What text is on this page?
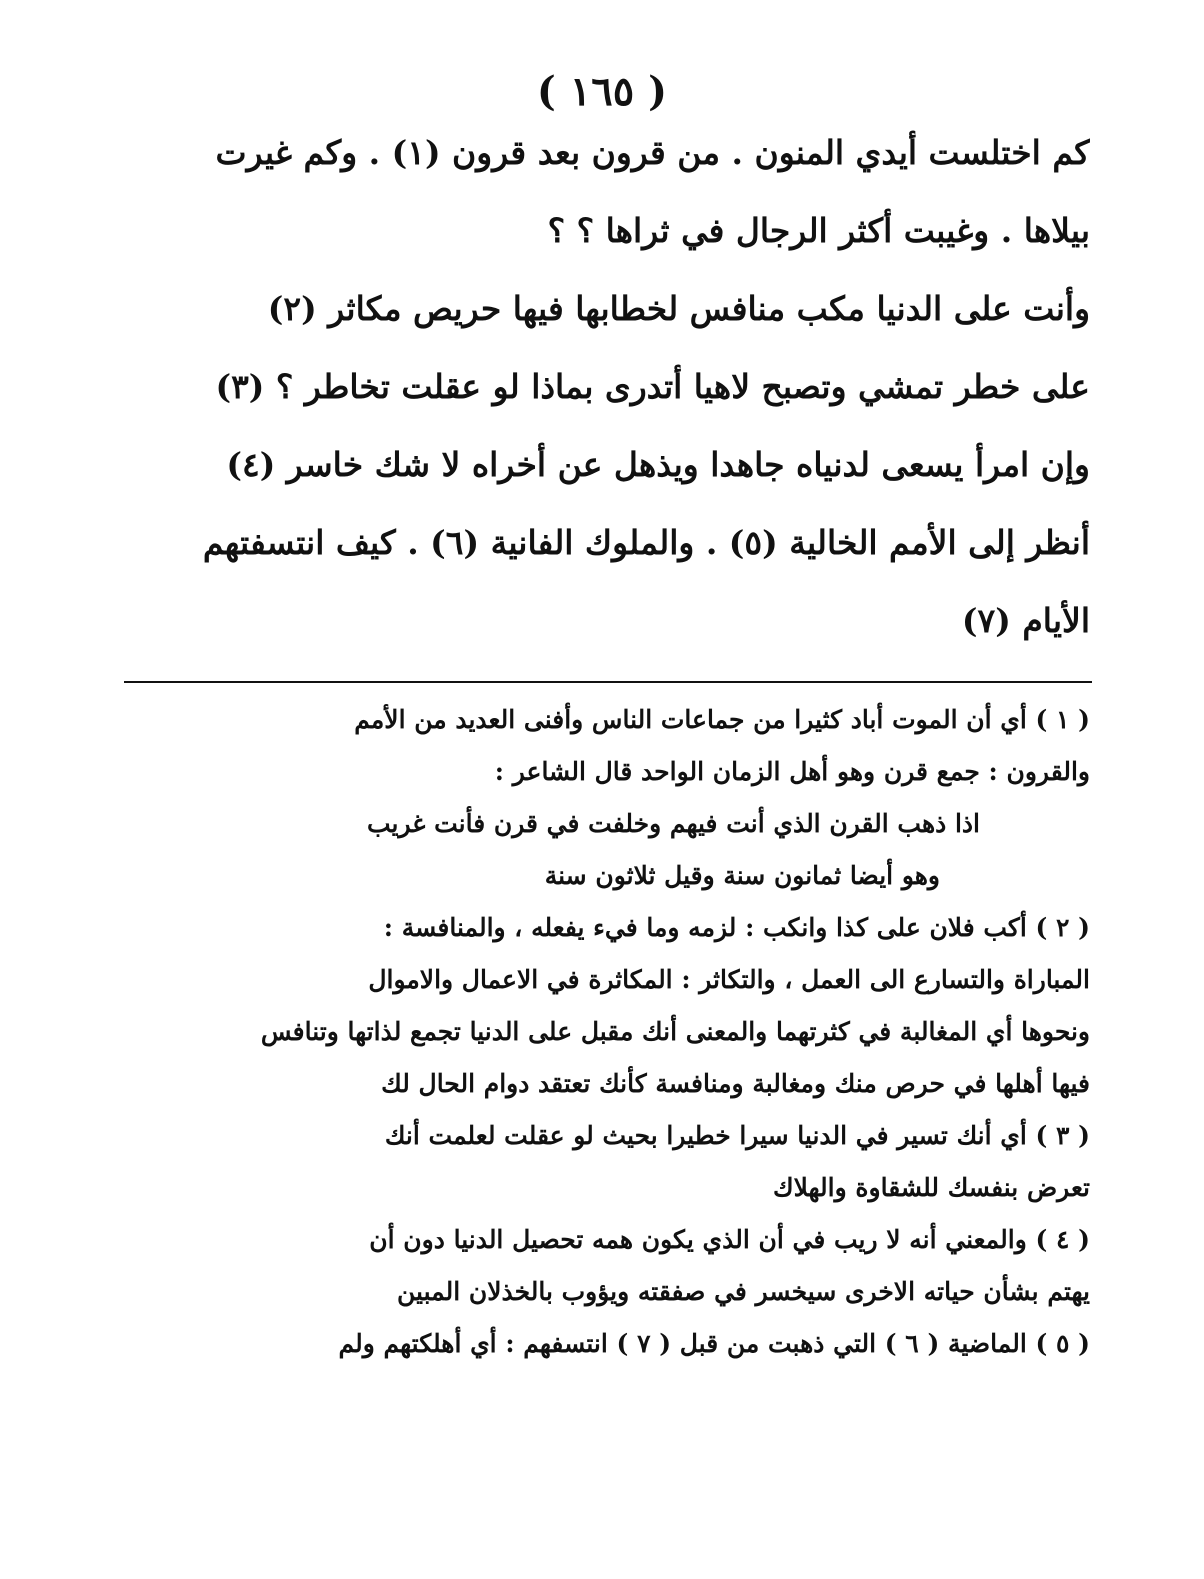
( ١٦٥ )
كم اختلست أيدي المنون . من قرون بعد قرون (١) . وكم غيرت
بيلاها . وغيبت أكثر الرجال في ثراها ؟ ؟
وأنت على الدنيا مكب منافس لخطابها فيها حريص مكاثر (٢)
على خطر تمشي وتصبح لاهيا أتدرى بماذا لو عقلت تخاطر ؟ (٣)
وإن امرأ يسعى لدنياه جاهدا ويذهل عن أخراه لا شك خاسر (٤)
أنظر إلى الأمم الخالية (٥) . والملوك الفانية (٦) . كيف انتسفتهم
الأيام (٧)
( ١ ) أي أن الموت أباد كثيرا من جماعات الناس وأفنى العديد من الأمم
والقرون : جمع قرن وهو أهل الزمان الواحد قال الشاعر :
اذا ذهب القرن الذي أنت فيهم وخلفت في قرن فأنت غريب
وهو أيضا ثمانون سنة وقيل ثلاثون سنة
( ٢ ) أكب فلان على كذا وانكب : لزمه وما فيء يفعله ، والمنافسة :
المباراة والتسارع الى العمل ، والتكاثر : المكاثرة في الاعمال والاموال
ونحوها أي المغالبة في كثرتهما والمعنى أنك مقبل على الدنيا تجمع لذاتها وتنافس
فيها أهلها في حرص منك ومغالبة ومنافسة كأنك تعتقد دوام الحال لك
( ٣ ) أي أنك تسير في الدنيا سيرا خطيرا بحيث لو عقلت لعلمت أنك
تعرض بنفسك للشقاوة والهلاك
( ٤ ) والمعني أنه لا ريب في أن الذي يكون همه تحصيل الدنيا دون أن
يهتم بشأن حياته الاخرى سيخسر في صفقته ويؤوب بالخذلان المبين
( ٥ ) الماضية ( ٦ ) التي ذهبت من قبل ( ٧ ) انتسفهم : أي أهلكتهم ولم
